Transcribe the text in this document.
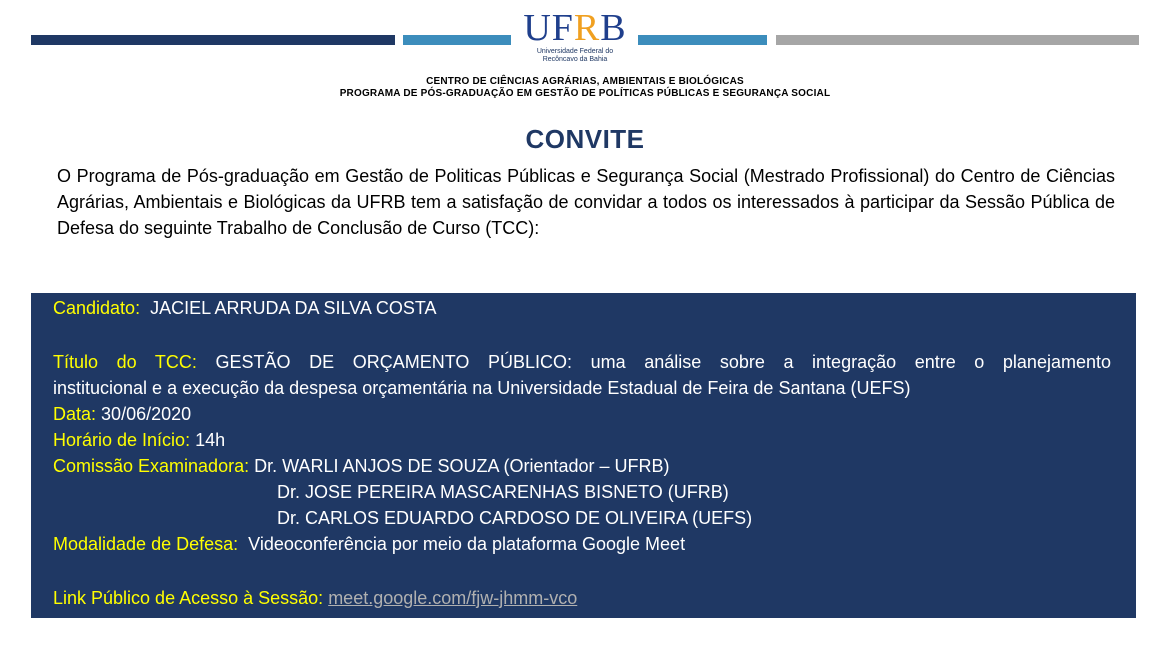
UFRB
Universidade Federal do
Recôncavo da Bahia
CENTRO DE CIÊNCIAS AGRÁRIAS, AMBIENTAIS E BIOLÓGICAS
PROGRAMA DE PÓS-GRADUAÇÃO EM GESTÃO DE POLÍTICAS PÚBLICAS E SEGURANÇA SOCIAL
CONVITE
O Programa de Pós-graduação em Gestão de Politicas Públicas e Segurança Social (Mestrado Profissional) do Centro de Ciências Agrárias, Ambientais e Biológicas da UFRB tem a satisfação de convidar a todos os interessados à participar da Sessão Pública de Defesa do seguinte Trabalho de Conclusão de Curso (TCC):
Candidato: JACIEL ARRUDA DA SILVA COSTA
Título do TCC: GESTÃO DE ORÇAMENTO PÚBLICO: uma análise sobre a integração entre o planejamento
institucional e a execução da despesa orçamentária na Universidade Estadual de Feira de Santana (UEFS)
Data: 30/06/2020
Horário de Início: 14h
Comissão Examinadora: Dr. WARLI ANJOS DE SOUZA (Orientador – UFRB)
Dr. JOSE PEREIRA MASCARENHAS BISNETO (UFRB)
Dr. CARLOS EDUARDO CARDOSO DE OLIVEIRA (UEFS)
Modalidade de Defesa: Videoconferência por meio da plataforma Google Meet
Link Público de Acesso à Sessão: meet.google.com/fjw-jhmm-vco
